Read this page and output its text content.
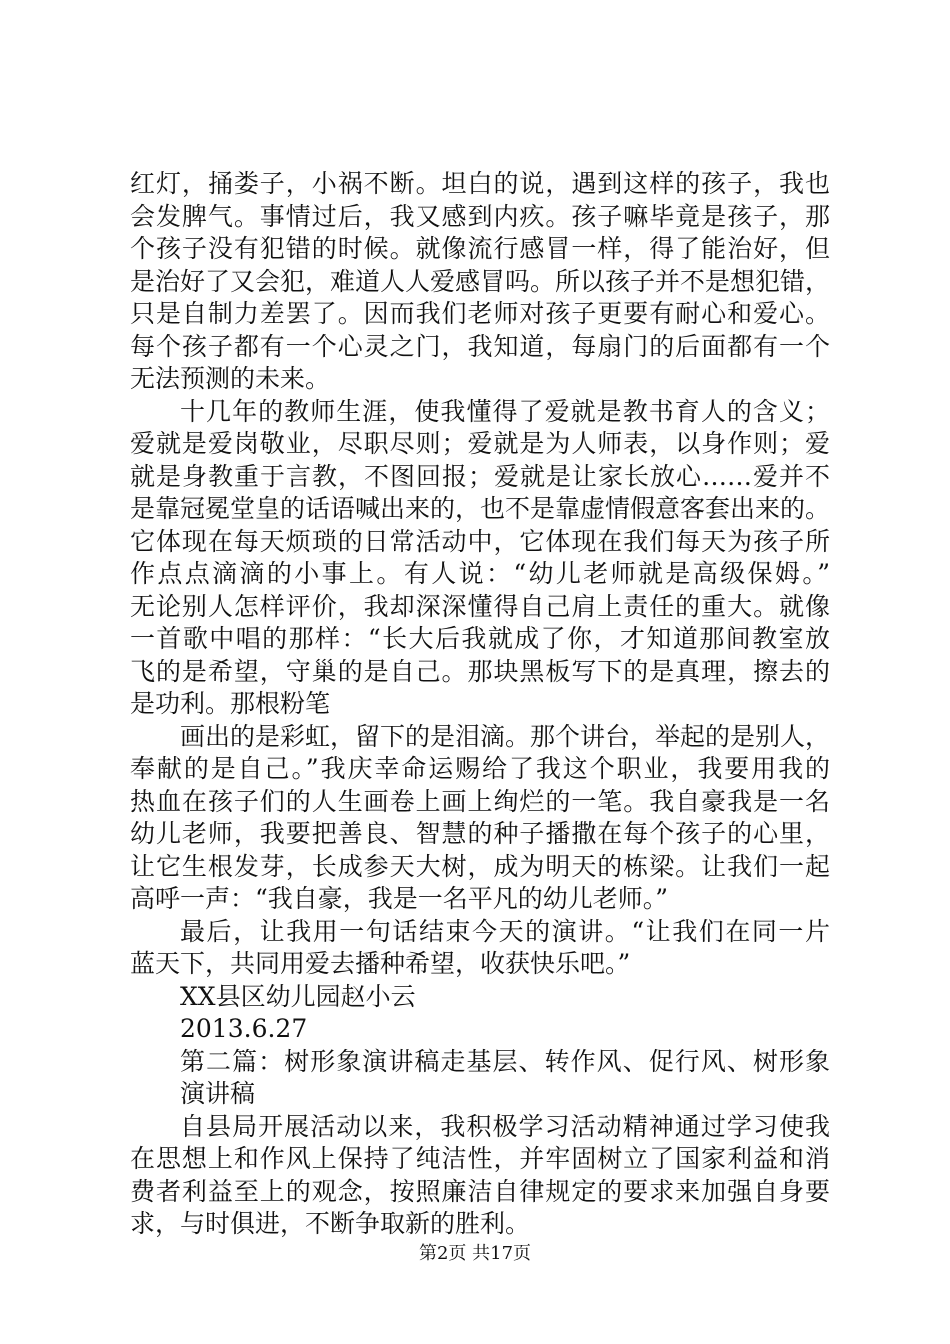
红灯，捅娄子，小祸不断。坦白的说，遇到这样的孩子，我也
会发脾气。事情过后，我又感到内疚。孩子嘛毕竟是孩子，那
个孩子没有犯错的时候。就像流行感冒一样，得了能治好，但
是治好了又会犯，难道人人爱感冒吗。所以孩子并不是想犯错，
只是自制力差罢了。因而我们老师对孩子更要有耐心和爱心。
每个孩子都有一个心灵之门，我知道，每扇门的后面都有一个
无法预测的未来。
十几年的教师生涯，使我懂得了爱就是教书育人的含义；
爱就是爱岗敬业，尽职尽则；爱就是为人师表，以身作则；爱
就是身教重于言教，不图回报；爱就是让家长放心……爱并不
是靠冠冕堂皇的话语喊出来的，也不是靠虚情假意客套出来的。
它体现在每天烦琐的日常活动中，它体现在我们每天为孩子所
作点点滴滴的小事上。有人说：“幼儿老师就是高级保姆。”
无论别人怎样评价，我却深深懂得自己肩上责任的重大。就像
一首歌中唱的那样：“长大后我就成了你，才知道那间教室放
飞的是希望，守巢的是自己。那块黑板写下的是真理，擦去的
是功利。那根粉笔
画出的是彩虹，留下的是泪滴。那个讲台，举起的是别人，
奉献的是自己。”我庆幸命运赐给了我这个职业，我要用我的
热血在孩子们的人生画卷上画上绚烂的一笔。我自豪我是一名
幼儿老师，我要把善良、智慧的种子播撒在每个孩子的心里，
让它生根发芽，长成参天大树，成为明天的栋梁。让我们一起
高呼一声：“我自豪，我是一名平凡的幼儿老师。”
最后，让我用一句话结束今天的演讲。“让我们在同一片
蓝天下，共同用爱去播种希望，收获快乐吧。”
XX县区幼儿园赵小云
2013.6.27
第二篇：树形象演讲稿走基层、转作风、促行风、树形象
演讲稿
自县局开展活动以来，我积极学习活动精神通过学习使我
在思想上和作风上保持了纯洁性，并牢固树立了国家利益和消
费者利益至上的观念，按照廉洁自律规定的要求来加强自身要
求，与时俱进，不断争取新的胜利。
第2页 共17页
